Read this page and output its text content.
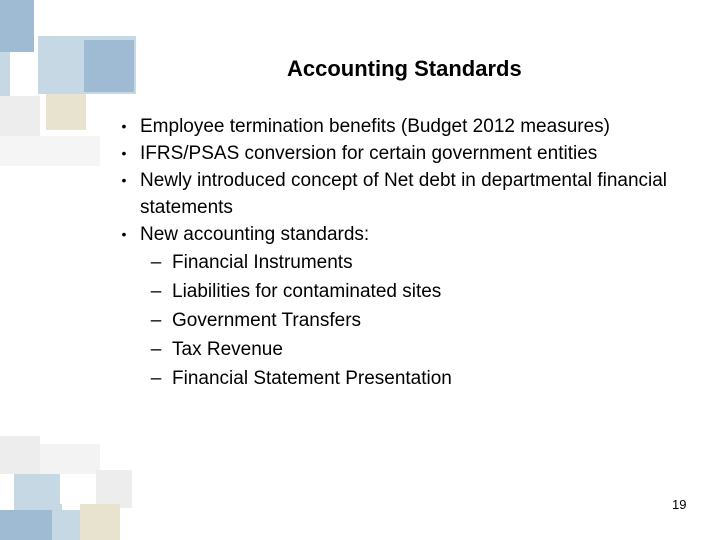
Accounting Standards
• Employee termination benefits (Budget 2012 measures)
• IFRS/PSAS conversion for certain government entities
• Newly introduced concept of Net debt in departmental financial statements
• New accounting standards:
– Financial Instruments
– Liabilities for contaminated sites
– Government Transfers
– Tax Revenue
– Financial Statement Presentation
19
